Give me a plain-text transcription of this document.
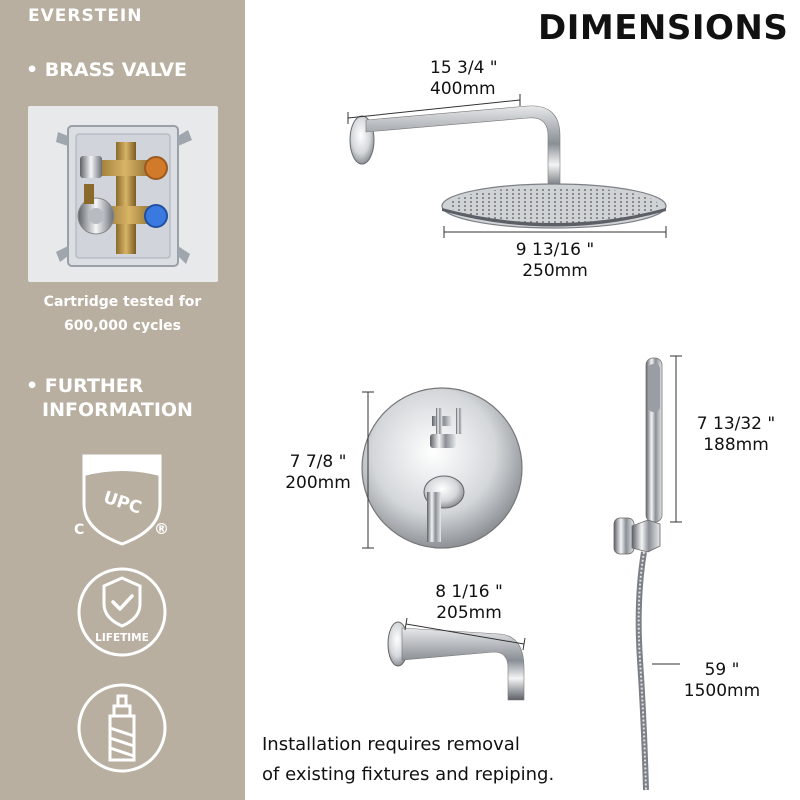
EVERSTEIN
• BRASS VALVE
Cartridge tested for
600,000 cycles
• FURTHER
INFORMATION
UPC
C	®
LIFETIME
DIMENSIONS
15 3/4 "
400mm
9 13/16 "
250mm
7 7/8 "
200mm
7 13/32 "
188mm
8 1/16 "
205mm
59 "
1500mm
Installation requires removal
of existing fixtures and repiping.
